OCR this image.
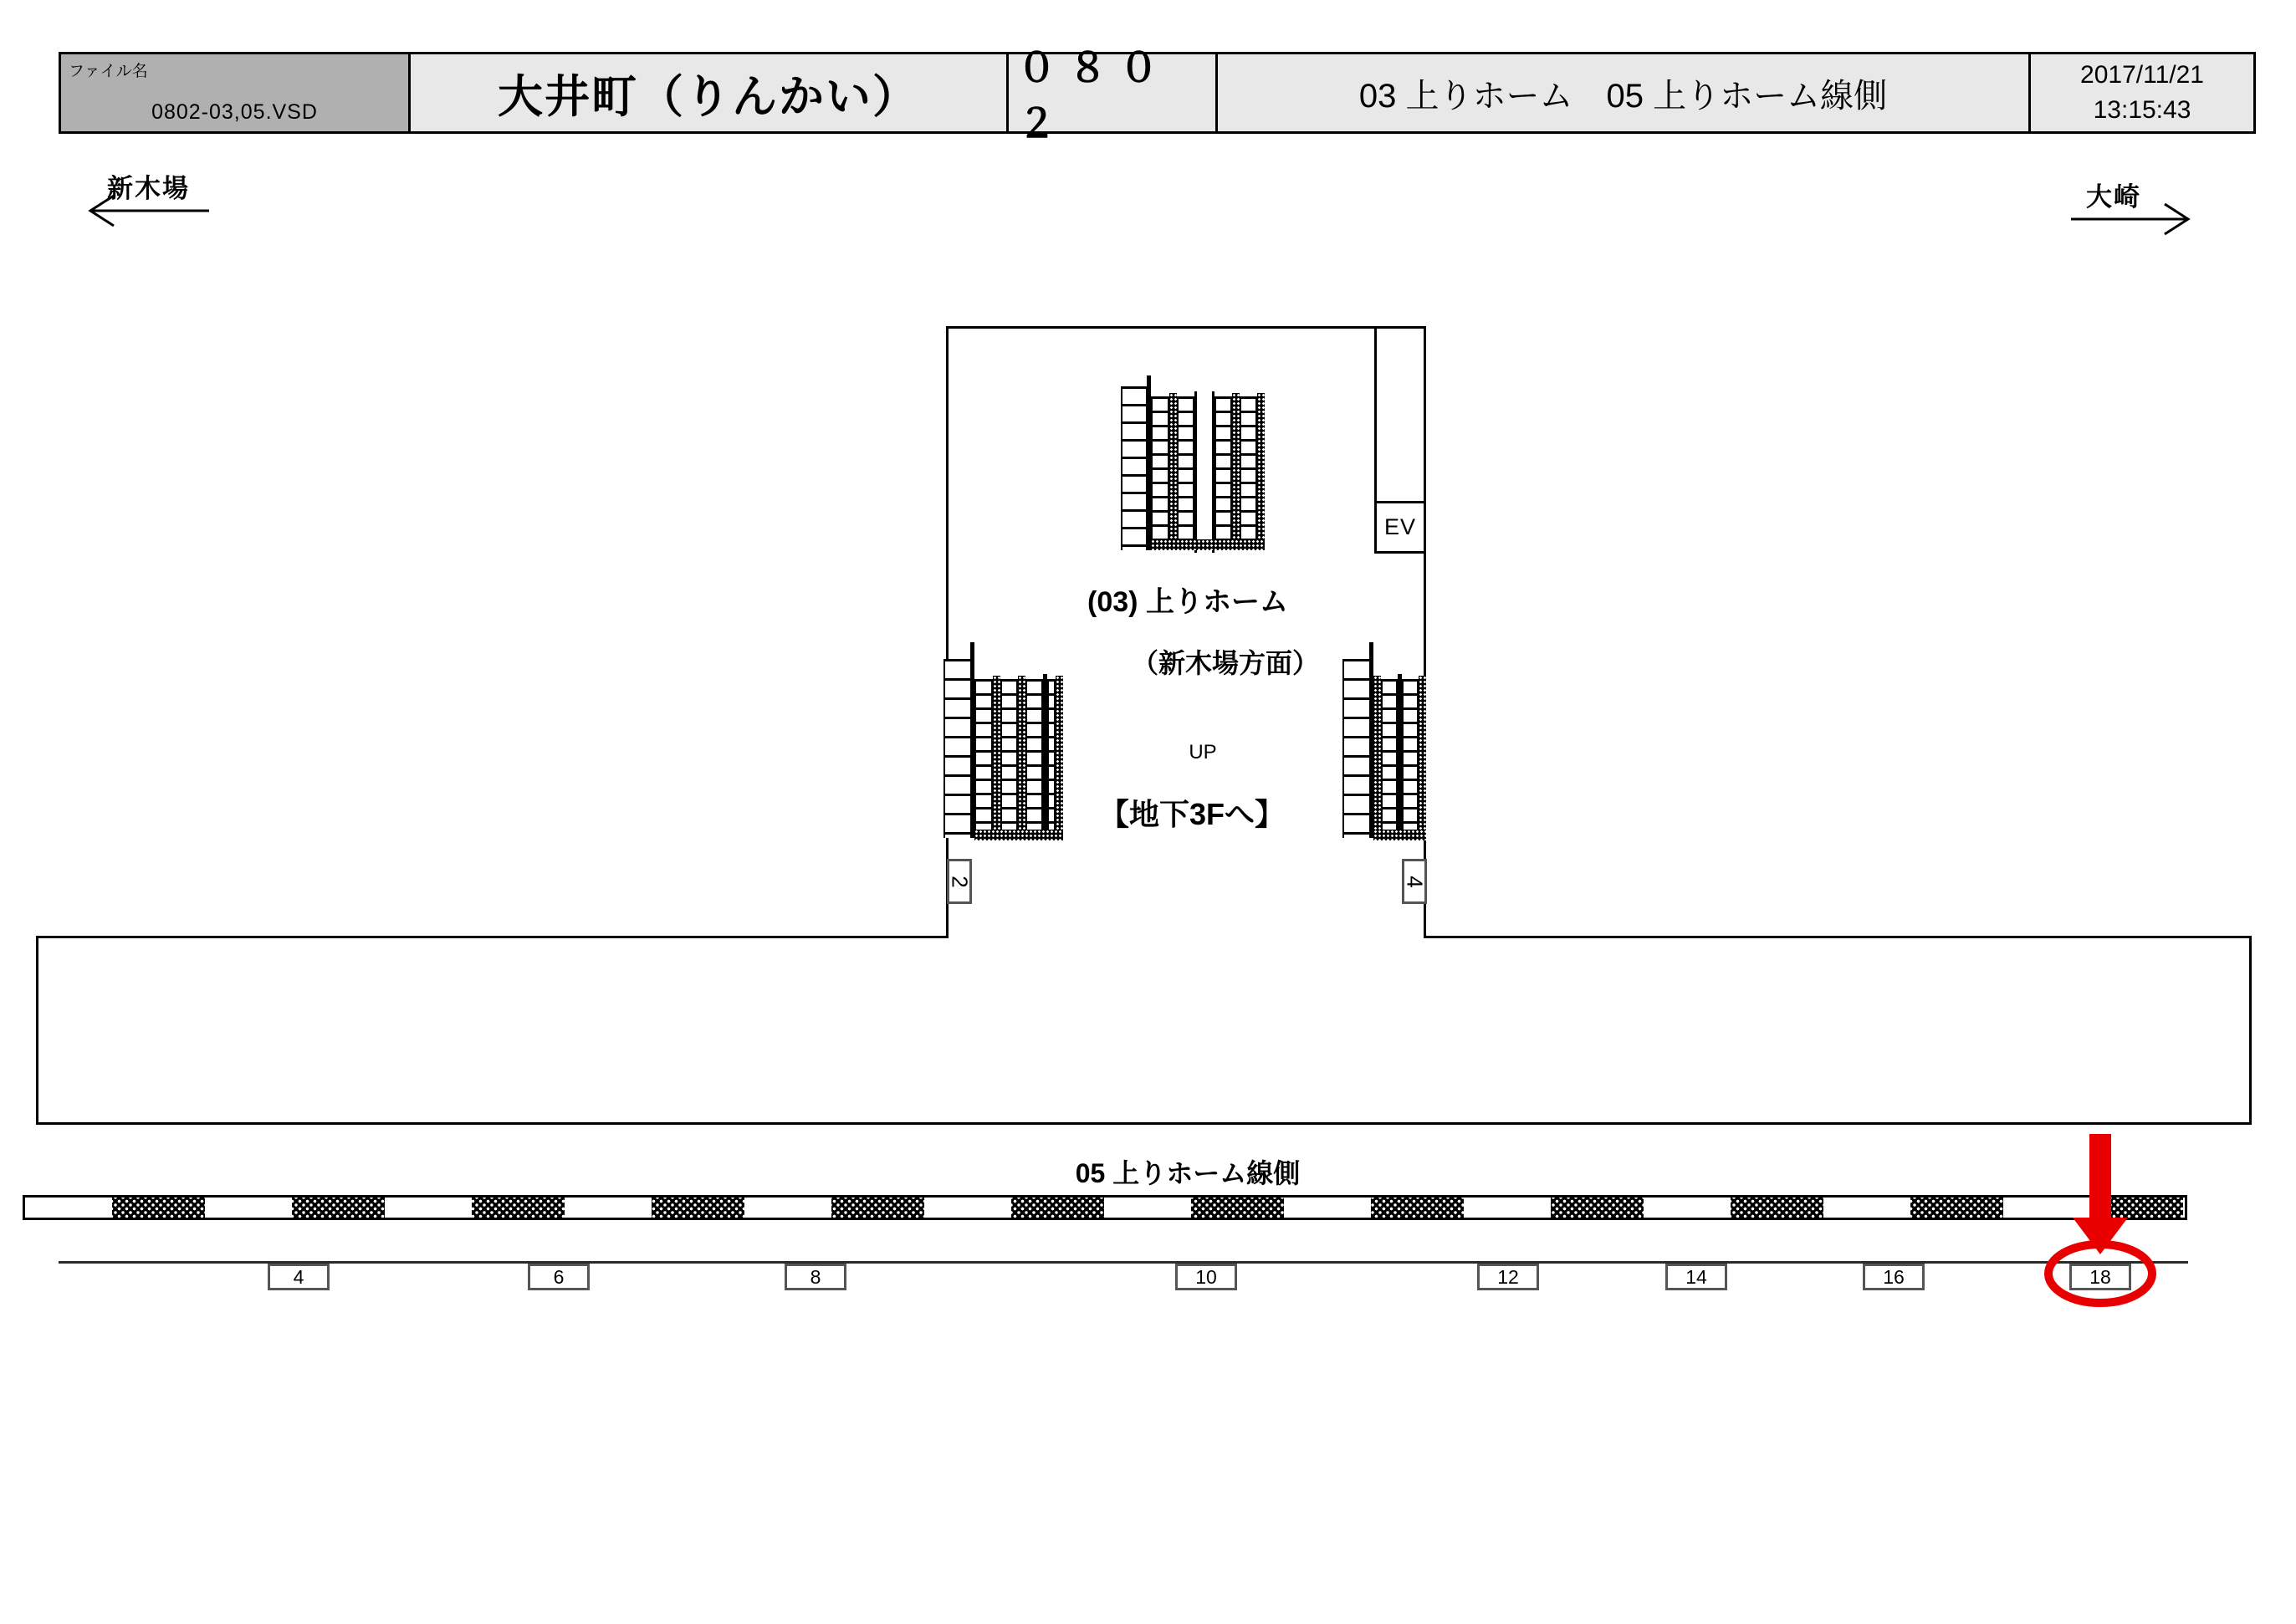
ファイル名
0802-03,05.VSD	大井町（りんかい）
０８０２
03 上りホーム　05 上りホーム線側
2017/11/21
13:15:43
新木場	大崎
EV
(03) 上りホーム
（新木場方面）
UP
【地下3Fへ】
2	4
05 上りホーム線側
4	6	8	10	12	14	16	18
